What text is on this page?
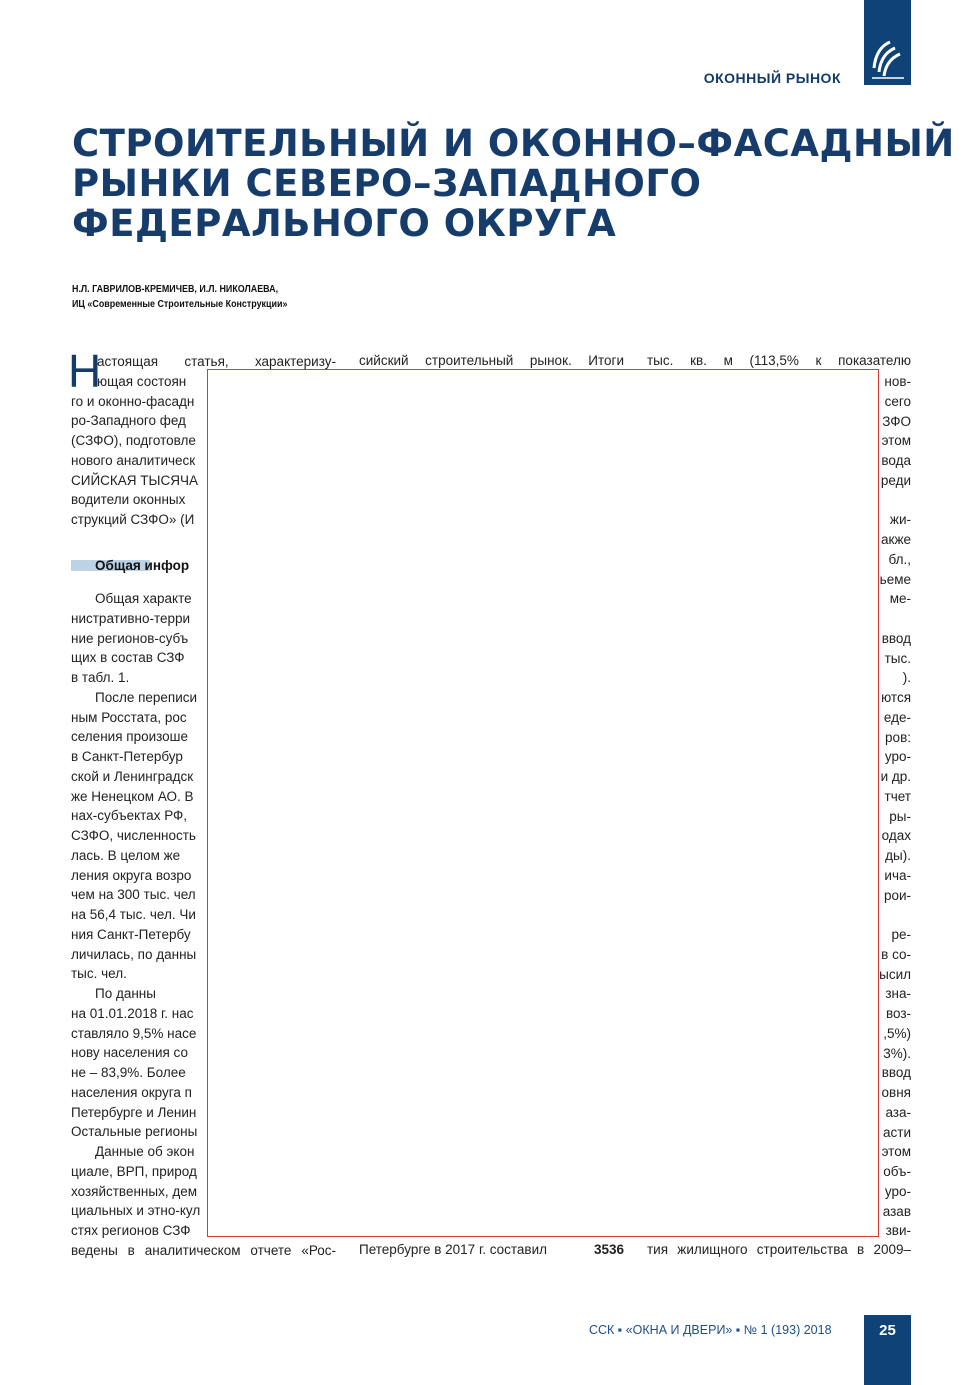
ОКОННЫЙ РЫНОК
СТРОИТЕЛЬНЫЙ И ОКОННО–ФАСАДНЫЙ
РЫНКИ СЕВЕРО–ЗАПАДНОГО
ФЕДЕРАЛЬНОГО ОКРУГА
Н.Л. ГАВРИЛОВ-КРЕМИЧЕВ, И.Л. НИКОЛАЕВА,
ИЦ «Современные Строительные Конструкции»
Н
астоящая статья, характеризу-
ющая состоян
го и оконно-фасадн
ро-Западного фед
(СЗФО), подготовле
нового аналитическ
СИЙСКАЯ ТЫСЯЧА
водители оконных
струкций СЗФО» (И
Общая инфор
Общая характе
нистративно-терри
ние регионов-субъ
щих в состав СЗФ
в табл. 1.
После переписи
ным Росстата, рос
селения произоше
в Санкт-Петербур
ской и Ленинградск
же Ненецком АО. В
нах-субъектах РФ,
СЗФО, численность
лась. В целом же
ления округа возро
чем на 300 тыс. чел
на 56,4 тыс. чел. Чи
ния Санкт-Петербу
личилась, по данны
тыс. чел.
По данны
на 01.01.2018 г. нас
ставляло 9,5% насе
нову населения со
не – 83,9%. Более
населения округа п
Петербурге и Ленин
Остальные регионы
Данные об экон
циале, ВРП, природ
хозяйственных, дем
циальных и этно-кул
стях регионов СЗФ
ведены в аналитическом отчете «Рос-
сийский строительный рынок. Итоги тыс. кв. м (113,5% к показателю
нов-
сего
ЗФО
этом
вода
реди
жи-
акже
бл.,
ьеме
ме-
ввод
тыс.
).
ются
еде-
ров:
уро-
и др.
тчет
ры-
одах
ды).
ича-
рои-
ре-
в со-
ысил
зна-
воз-
,5%)
3%).
ввод
овня
аза-
асти
этом
объ-
уро-
азав
зви-
Петербурге в 2017 г. составил	3536 тия жилищного строительства в 2009–
ССК ▪ «ОКНА И ДВЕРИ» ▪ № 1 (193) 2018	25
